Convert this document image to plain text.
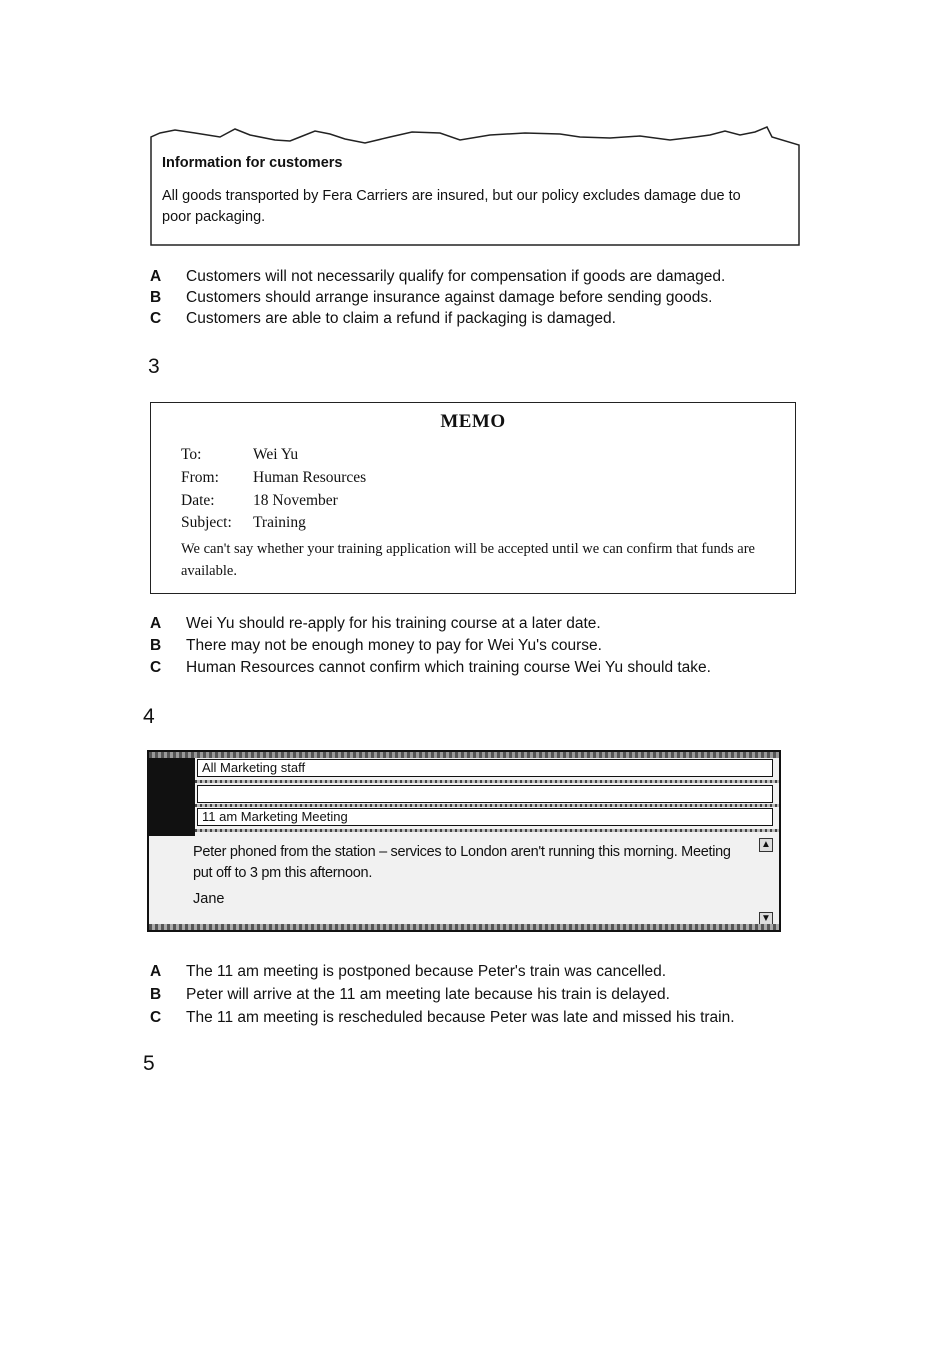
Information for customers
All goods transported by Fera Carriers are insured, but our policy excludes damage due to poor packaging.
A	Customers will not necessarily qualify for compensation if goods are damaged.
B	Customers should arrange insurance against damage before sending goods.
C	Customers are able to claim a refund if packaging is damaged.
3
MEMO
To:	Wei Yu
From: Human Resources
Date: 18 November
Subject: Training
We can't say whether your training application will be accepted until we can confirm that funds are available.
A	Wei Yu should re-apply for his training course at a later date.
B	There may not be enough money to pay for Wei Yu's course.
C	Human Resources cannot confirm which training course Wei Yu should take.
4
All Marketing staff
11 am Marketing Meeting
Peter phoned from the station – services to London aren't running this morning. Meeting put off to 3 pm this afternoon.
Jane
▲
▼
A	The 11 am meeting is postponed because Peter's train was cancelled.
B	Peter will arrive at the 11 am meeting late because his train is delayed.
C	The 11 am meeting is rescheduled because Peter was late and missed his train.
5
